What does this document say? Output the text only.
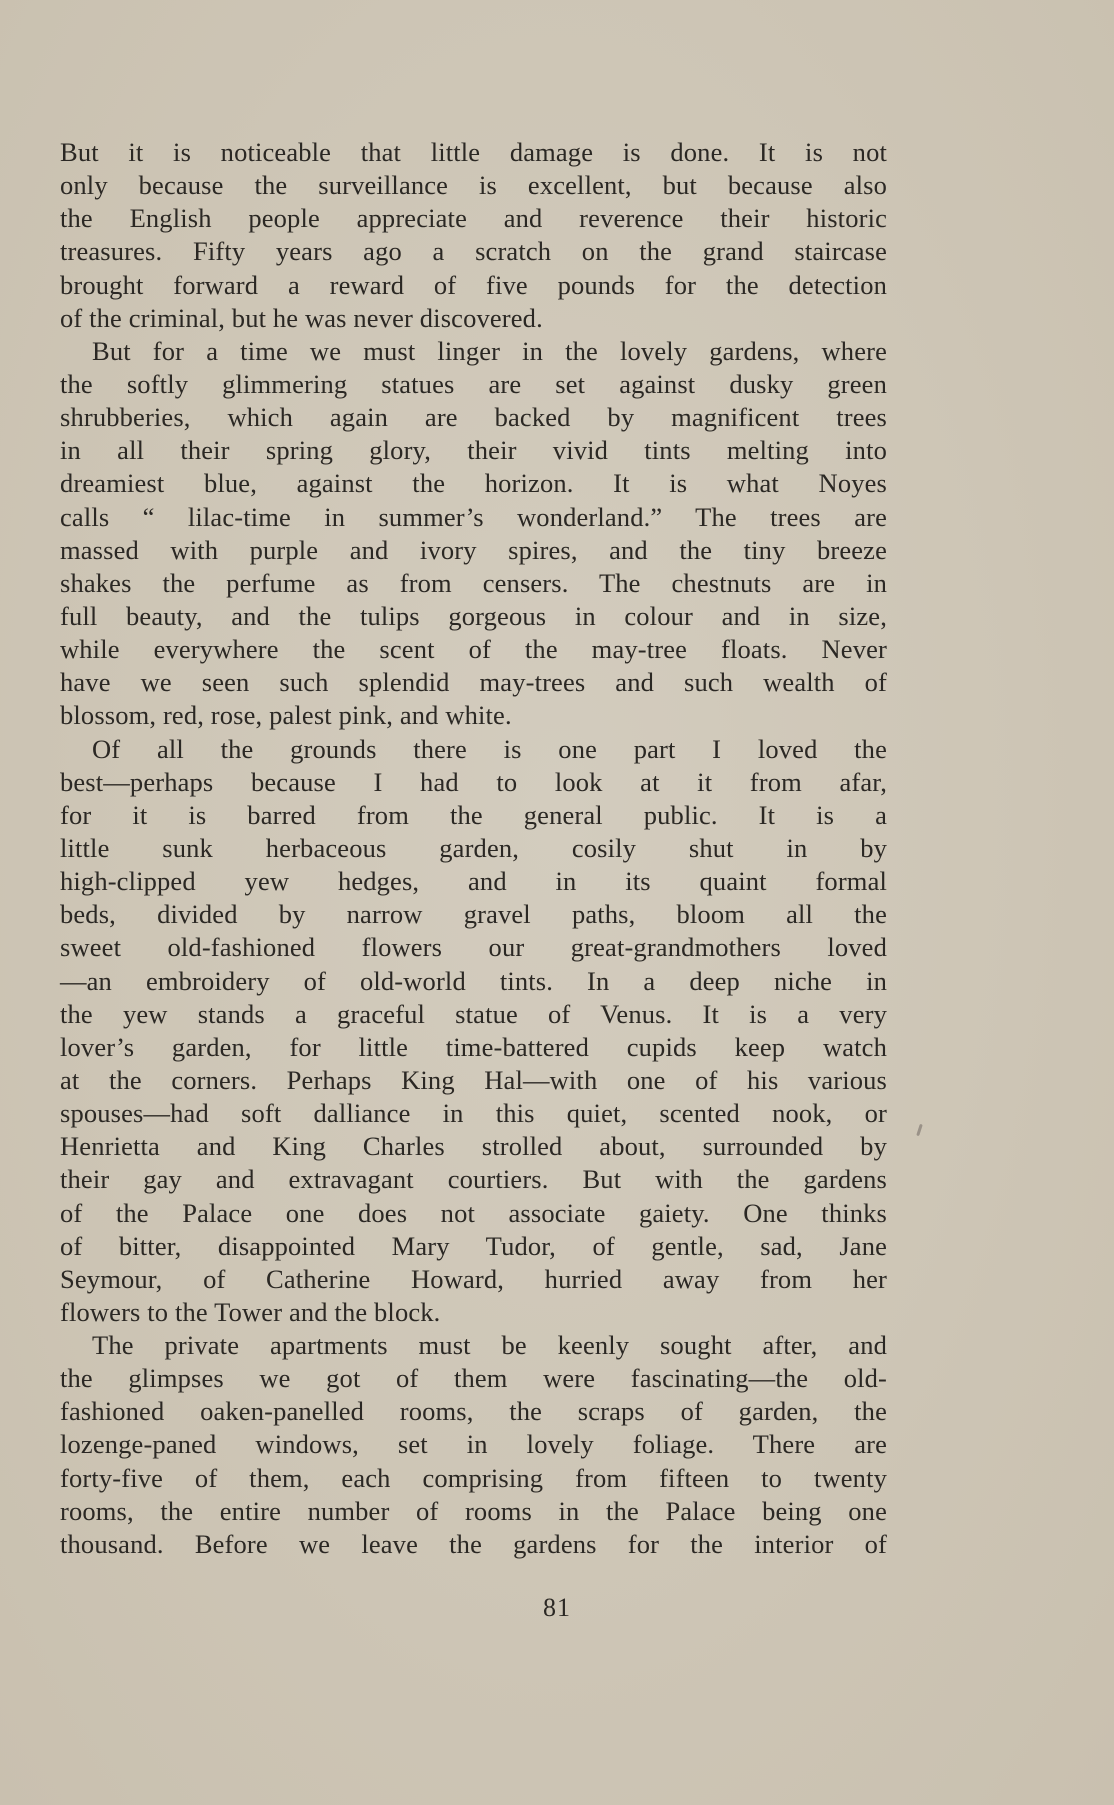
But it is noticeable that little damage is done. It is not
only because the surveillance is excellent, but because also
the English people appreciate and reverence their historic
treasures. Fifty years ago a scratch on the grand staircase
brought forward a reward of five pounds for the detection
of the criminal, but he was never discovered.
But for a time we must linger in the lovely gardens, where
the softly glimmering statues are set against dusky green
shrubberies, which again are backed by magnificent trees
in all their spring glory, their vivid tints melting into
dreamiest blue, against the horizon. It is what Noyes
calls “ lilac-time in summer’s wonderland.” The trees are
massed with purple and ivory spires, and the tiny breeze
shakes the perfume as from censers. The chestnuts are in
full beauty, and the tulips gorgeous in colour and in size,
while everywhere the scent of the may-tree floats. Never
have we seen such splendid may-trees and such wealth of
blossom, red, rose, palest pink, and white.
Of all the grounds there is one part I loved the
best—perhaps because I had to look at it from afar,
for it is barred from the general public. It is a
little sunk herbaceous garden, cosily shut in by
high-clipped yew hedges, and in its quaint formal
beds, divided by narrow gravel paths, bloom all the
sweet old-fashioned flowers our great-grandmothers loved
—an embroidery of old-world tints. In a deep niche in
the yew stands a graceful statue of Venus. It is a very
lover’s garden, for little time-battered cupids keep watch
at the corners. Perhaps King Hal—with one of his various
spouses—had soft dalliance in this quiet, scented nook, or
Henrietta and King Charles strolled about, surrounded by
their gay and extravagant courtiers. But with the gardens
of the Palace one does not associate gaiety. One thinks
of bitter, disappointed Mary Tudor, of gentle, sad, Jane
Seymour, of Catherine Howard, hurried away from her
flowers to the Tower and the block.
The private apartments must be keenly sought after, and
the glimpses we got of them were fascinating—the old-
fashioned oaken-panelled rooms, the scraps of garden, the
lozenge-paned windows, set in lovely foliage. There are
forty-five of them, each comprising from fifteen to twenty
rooms, the entire number of rooms in the Palace being one
thousand. Before we leave the gardens for the interior of
81
